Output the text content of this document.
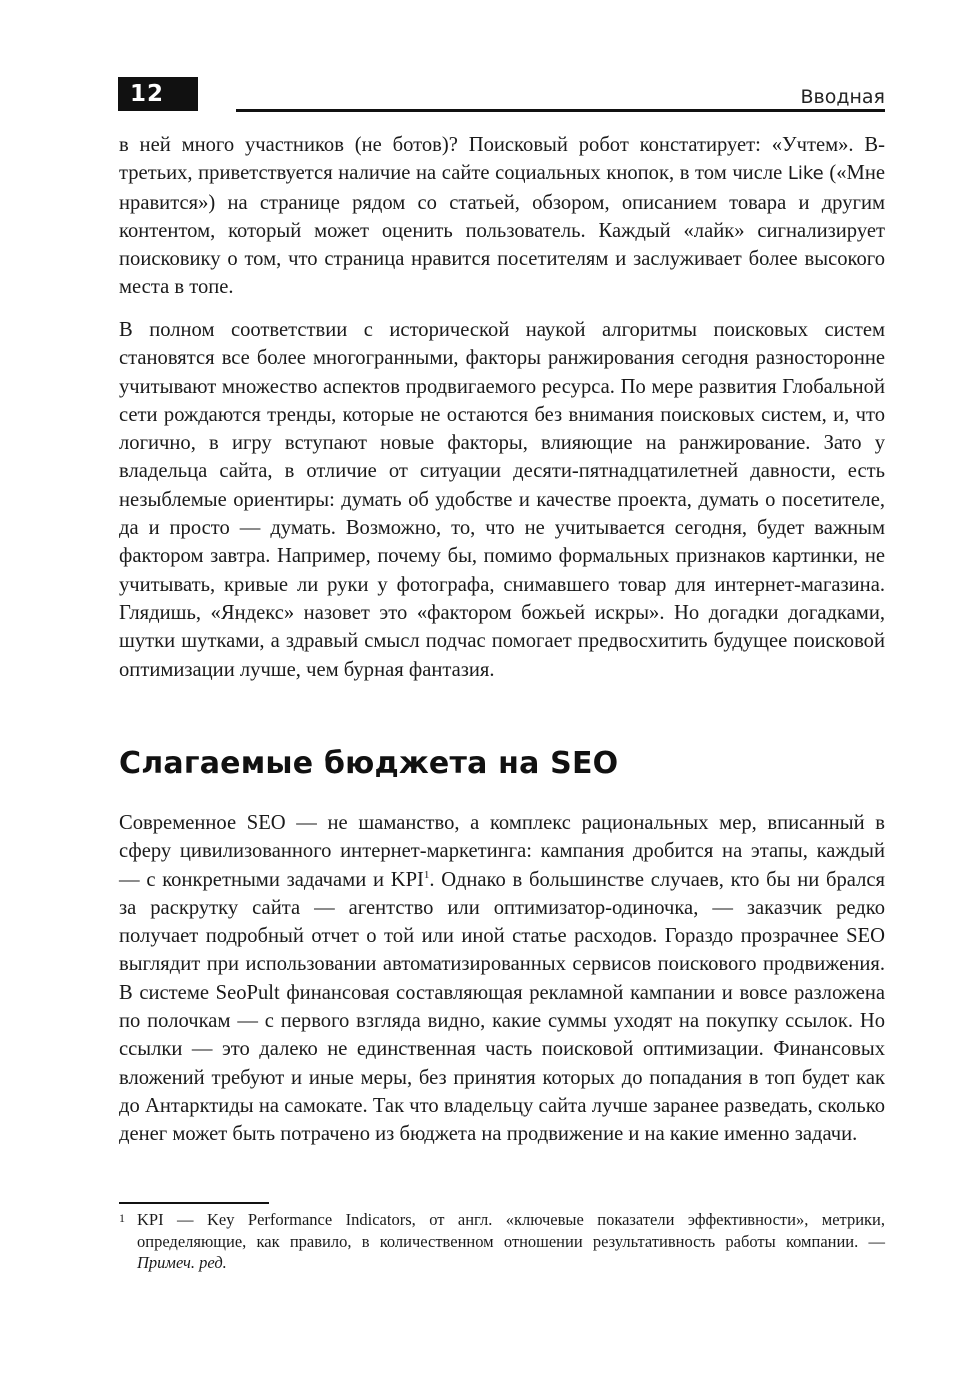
12	Вводная

в ней много участников (не ботов)? Поисковый робот констатирует: «Учтем». В-третьих, приветствуется наличие на сайте социальных кнопок, в том числе Like («Мне нравится») на странице рядом со статьей, обзором, описанием товара и другим контентом, который может оценить пользователь. Каждый «лайк» сигнализирует поисковику о том, что страница нравится посетителям и заслуживает более высокого места в топе.

В полном соответствии с исторической наукой алгоритмы поисковых систем становятся все более многогранными, факторы ранжирования сегодня разносторонне учитывают множество аспектов продвигаемого ресурса. По мере развития Глобальной сети рождаются тренды, которые не остаются без внимания поисковых систем, и, что логично, в игру вступают новые факторы, влияющие на ранжирование. Зато у владельца сайта, в отличие от ситуации десяти-пятнадцатилетней давности, есть незыблемые ориентиры: думать об удобстве и качестве проекта, думать о посетителе, да и просто — думать. Возможно, то, что не учитывается сегодня, будет важным фактором завтра. Например, почему бы, помимо формальных признаков картинки, не учитывать, кривые ли руки у фотографа, снимавшего товар для интернет-магазина. Глядишь, «Яндекс» назовет это «фактором божьей искры». Но догадки догадками, шутки шутками, а здравый смысл подчас помогает предвосхитить будущее поисковой оптимизации лучше, чем бурная фантазия.

Слагаемые бюджета на SEO

Современное SEO — не шаманство, а комплекс рациональных мер, вписанный в сферу цивилизованного интернет-маркетинга: кампания дробится на этапы, каждый — с конкретными задачами и KPI$^1$. Однако в большинстве случаев, кто бы ни брался за раскрутку сайта — агентство или оптимизатор-одиночка, — заказчик редко получает подробный отчет о той или иной статье расходов. Гораздо прозрачнее SEO выглядит при использовании автоматизированных сервисов поискового продвижения. В системе SeoPult финансовая составляющая рекламной кампании и вовсе разложена по полочкам — с первого взгляда видно, какие суммы уходят на покупку ссылок. Но ссылки — это далеко не единственная часть поисковой оптимизации. Финансовых вложений требуют и иные меры, без принятия которых до попадания в топ будет как до Антарктиды на самокате. Так что владельцу сайта лучше заранее разведать, сколько денег может быть потрачено из бюджета на продвижение и на какие именно задачи.

1 KPI — Key Performance Indicators, от англ. «ключевые показатели эффективности», метрики, определяющие, как правило, в количественном отношении результативность работы компании. — Примеч. ред.
